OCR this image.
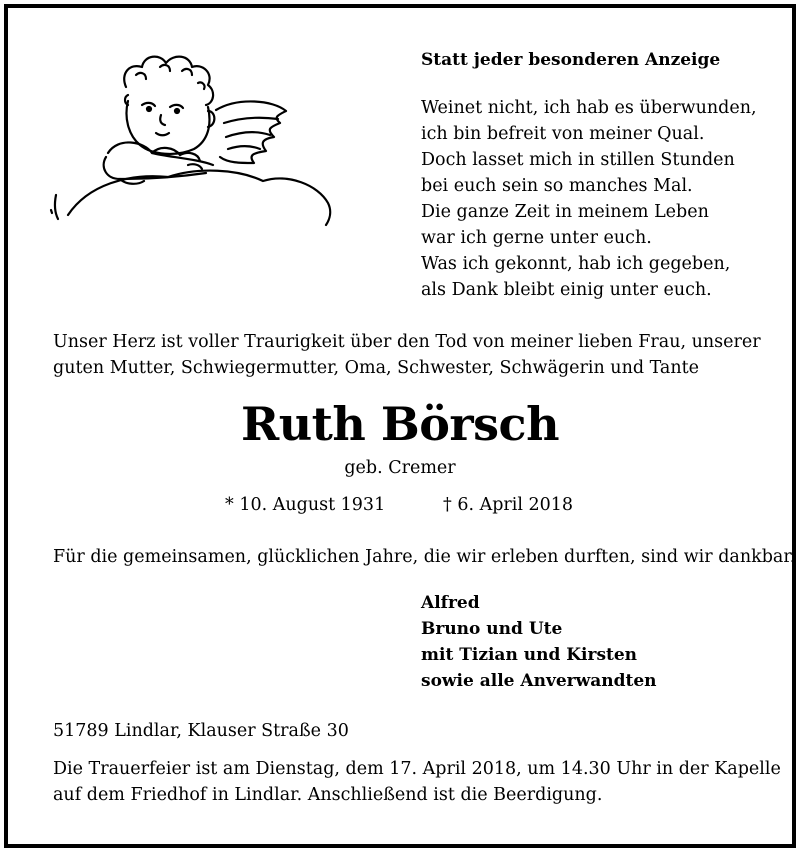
Statt jeder besonderen Anzeige
Weinet nicht, ich hab es überwunden,
ich bin befreit von meiner Qual.
Doch lasset mich in stillen Stunden
bei euch sein so manches Mal.
Die ganze Zeit in meinem Leben
war ich gerne unter euch.
Was ich gekonnt, hab ich gegeben,
als Dank bleibt einig unter euch.
Unser Herz ist voller Traurigkeit über den Tod von meiner lieben Frau, unserer
guten Mutter, Schwiegermutter, Oma, Schwester, Schwägerin und Tante
Ruth Börsch
geb. Cremer
* 10. August 1931	† 6. April 2018
Für die gemeinsamen, glücklichen Jahre, die wir erleben durften, sind wir dankbar.
Alfred
Bruno und Ute
mit Tizian und Kirsten
sowie alle Anverwandten
51789 Lindlar, Klauser Straße 30
Die Trauerfeier ist am Dienstag, dem 17. April 2018, um 14.30 Uhr in der Kapelle
auf dem Friedhof in Lindlar. Anschließend ist die Beerdigung.
